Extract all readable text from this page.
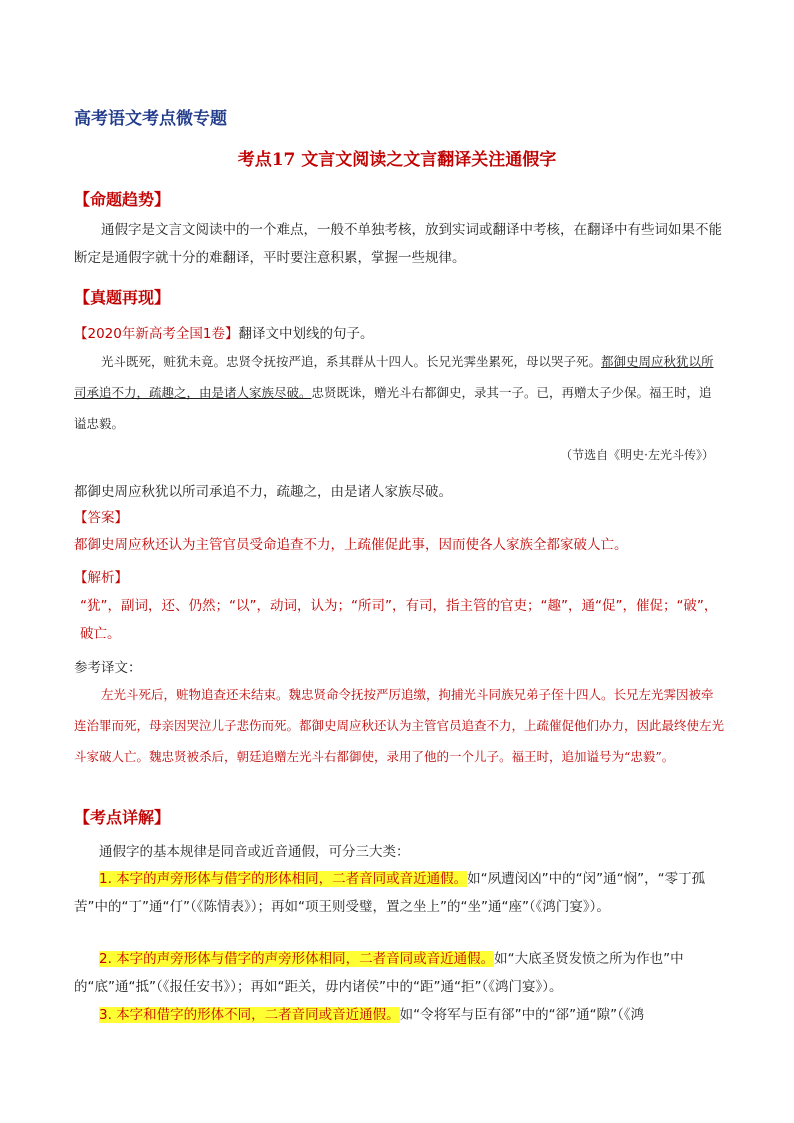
高考语文考点微专题
考点17 文言文阅读之文言翻译关注通假字
【命题趋势】
通假字是文言文阅读中的一个难点，一般不单独考核，放到实词或翻译中考核，在翻译中有些词如果不能断定是通假字就十分的难翻译，平时要注意积累，掌握一些规律。
【真题再现】
【2020年新高考全国1卷】翻译文中划线的句子。
光斗既死，赃犹未竟。忠贤令抚按严追，系其群从十四人。长兄光霁坐累死，母以哭子死。都御史周应秋犹以所司承追不力，疏趣之，由是诸人家族尽破。忠贤既诛，赠光斗右都御史，录其一子。已，再赠太子少保。福王时，追谥忠毅。
（节选自《明史·左光斗传》）
都御史周应秋犹以所司承追不力，疏趣之，由是诸人家族尽破。
【答案】
都御史周应秋还认为主管官员受命追查不力，上疏催促此事，因而使各人家族全都家破人亡。
【解析】
“犹”，副词，还、仍然；“以”，动词，认为；“所司”，有司，指主管的官吏；“趣”，通“促”，催促；“破”，破亡。
参考译文：
左光斗死后，赃物追查还未结束。魏忠贤命令抚按严厉追缴，拘捕光斗同族兄弟子侄十四人。长兄左光霁因被牵连治罪而死，母亲因哭泣儿子悲伤而死。都御史周应秋还认为主管官员追查不力，上疏催促他们办力，因此最终使左光斗家破人亡。魏忠贤被杀后，朝廷追赠左光斗右都御使，录用了他的一个儿子。福王时，追加谥号为“忠毅”。
【考点详解】
通假字的基本规律是同音或近音通假，可分三大类：
1. 本字的声旁形体与借字的形体相同，二者音同或音近通假。如“夙遭闵凶”中的“闵”通“悯”，“零丁孤苦”中的“丁”通“仃”（《陈情表》）；再如“项王则受璧，置之坐上”的“坐”通“座”（《鸿门宴》）。
2. 本字的声旁形体与借字的声旁形体相同，二者音同或音近通假。如“大底圣贤发愤之所为作也”中的“底”通“抵”（《报任安书》）；再如“距关，毋内诸侯”中的“距”通“拒”（《鸿门宴》）。
3. 本字和借字的形体不同，二者音同或音近通假。如“令将军与臣有郤”中的“郤”通“隙”（《鸿
